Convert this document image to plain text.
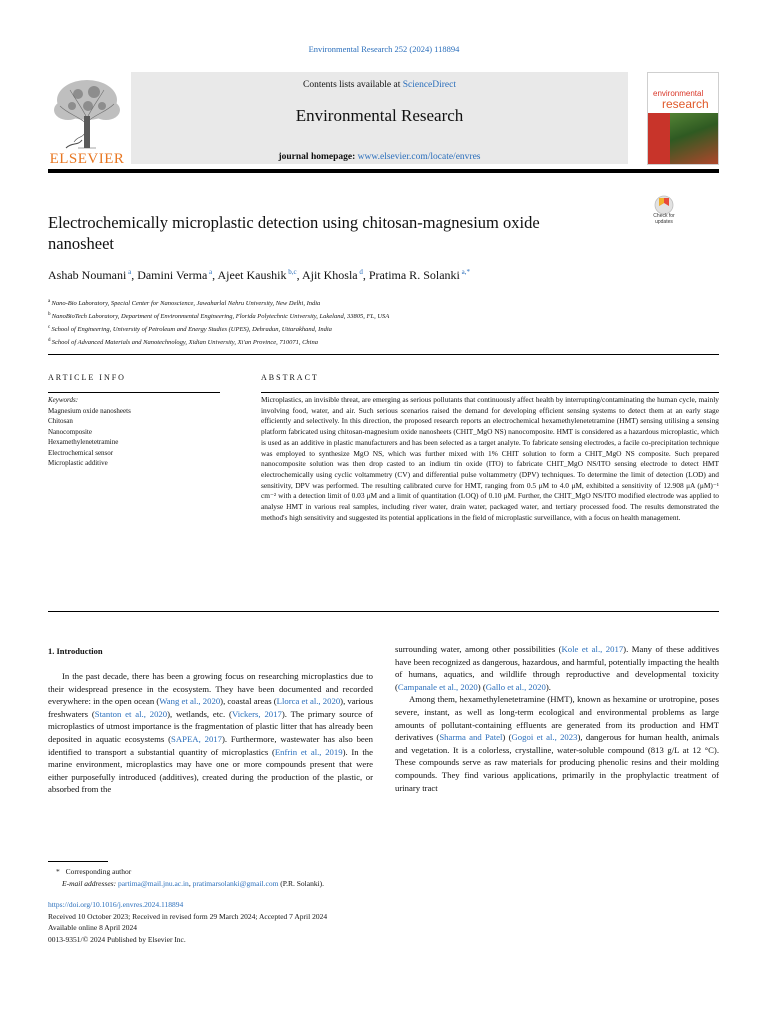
Environmental Research 252 (2024) 118894
ELSEVIER
Contents lists available at ScienceDirect
Environmental Research
journal homepage: www.elsevier.com/locate/envres
environmental
research
Electrochemically microplastic detection using chitosan-magnesium oxide nanosheet
Check for
updates
Ashab Noumani $^a$, Damini Verma $^a$, Ajeet Kaushik $^{b,c}$, Ajit Khosla $^d$, Pratima R. Solanki $^{a,*}$
$^a$ Nano-Bio Laboratory, Special Center for Nanoscience, Jawaharlal Nehru University, New Delhi, India
$^b$ NanoBioTech Laboratory, Department of Environmental Engineering, Florida Polytechnic University, Lakeland, 33805, FL, USA
$^c$ School of Engineering, University of Petroleum and Energy Studies (UPES), Dehradun, Uttarakhand, India
$^d$ School of Advanced Materials and Nanotechnology, Xidian University, Xi'an Province, 710071, China
ARTICLE INFO	ABSTRACT
Keywords:
Magnesium oxide nanosheets
Chitosan
Nanocomposite
Hexamethylenetetramine
Electrochemical sensor
Microplastic additive
Microplastics, an invisible threat, are emerging as serious pollutants that continuously affect health by interrupting/contaminating the human cycle, mainly involving food, water, and air. Such serious scenarios raised the demand for developing efficient sensing systems to detect them at an early stage efficiently and selectively. In this direction, the proposed research reports an electrochemical hexamethylenetetramine (HMT) sensing utilising a sensing platform fabricated using chitosan-magnesium oxide nanosheets (CHIT_MgO NS) nanocomposite. HMT is considered as a hazardous microplastic, which is used as an additive in plastic manufacturers and has been selected as a target analyte. To fabricate sensing electrodes, a facile co-precipitation technique was employed to synthesize MgO NS, which was further mixed with 1% CHIT solution to form a CHIT_MgO NS composite. Such prepared nanocomposite solution was then drop casted to an indium tin oxide (ITO) to fabricate CHIT_MgO NS/ITO sensing electrode to detect HMT electrochemically using cyclic voltammetry (CV) and differential pulse voltammetry (DPV) techniques. To determine the limit of detection (LOD) and sensitivity, DPV was performed. The resulting calibrated curve for HMT, ranging from 0.5 μM to 4.0 μM, exhibited a sensitivity of 12.908 μA (μM)⁻¹ cm⁻² with a detection limit of 0.03 μM and a limit of quantitation (LOQ) of 0.10 μM. Further, the CHIT_MgO NS/ITO modified electrode was applied to analyse HMT in various real samples, including river water, drain water, packaged water, and tertiary processed food. The results demonstrated the method's high sensitivity and suggested its potential applications in the field of microplastic surveillance, with a focus on health management.
1. Introduction
In the past decade, there has been a growing focus on researching microplastics due to their widespread presence in the ecosystem. They have been documented and recorded everywhere: in the open ocean (Wang et al., 2020), coastal areas (Llorca et al., 2020), various freshwaters (Stanton et al., 2020), wetlands, etc. (Vickers, 2017). The primary source of microplastics of utmost importance is the fragmentation of plastic litter that has already been deposited in aquatic ecosystems (SAPEA, 2017). Furthermore, wastewater has also been identified to transport a substantial quantity of microplastics (Enfrin et al., 2019). In the marine environment, microplastics may have one or more compounds present that were either purposefully introduced (additives), created during the production of the plastic, or absorbed from the

surrounding water, among other possibilities (Kole et al., 2017). Many of these additives have been recognized as dangerous, hazardous, and harmful, potentially impacting the health of humans, aquatics, and wildlife through reproductive and developmental toxicity (Campanale et al., 2020) (Gallo et al., 2020).

Among them, hexamethylenetetramine (HMT), known as hexamine or urotropine, poses severe, instant, as well as long-term ecological and environmental problems as large amounts of pollutant-containing effluents are generated from its production and HMT derivatives (Sharma and Patel) (Gogoi et al., 2023), dangerous for human health, animals and vegetation. It is a colorless, crystalline, water-soluble compound (813 g/L at 12 °C). These compounds serve as raw materials for producing phenolic resins and their molding compounds. They find various applications, primarily in the prophylactic treatment of urinary tract

* Corresponding author
E-mail addresses: partima@mail.jnu.ac.in, pratimarsolanki@gmail.com (P.R. Solanki).
https://doi.org/10.1016/j.envres.2024.118894
Received 10 October 2023; Received in revised form 29 March 2024; Accepted 7 April 2024
Available online 8 April 2024
0013-9351/© 2024 Published by Elsevier Inc.
